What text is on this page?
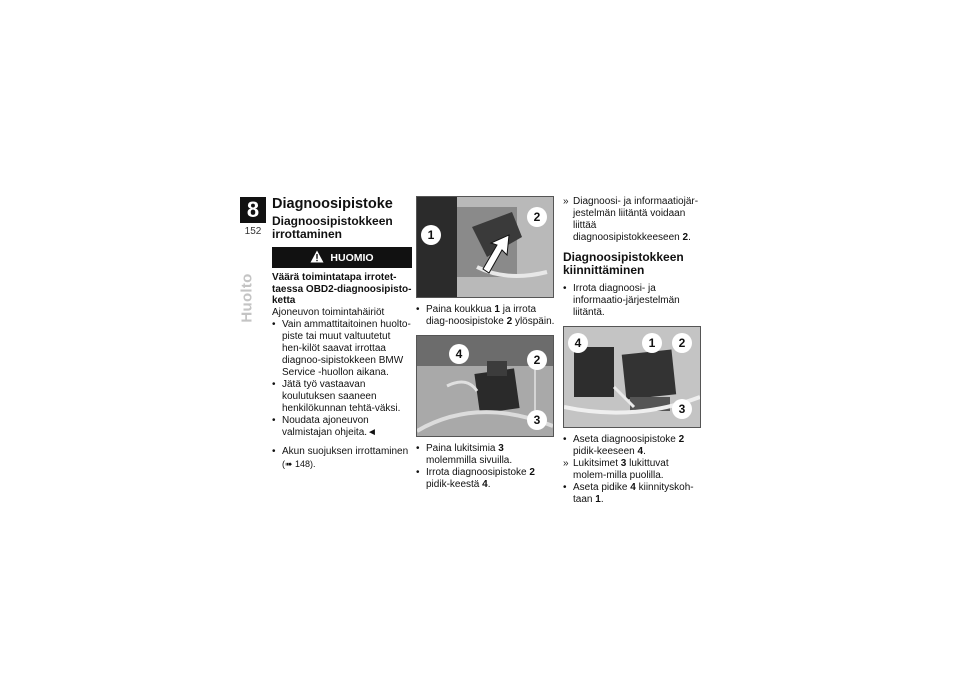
8
152
Huolto
Diagnoosipistoke
Diagnoosipistokkeen irrottaminen
HUOMIO
Väärä toimintatapa irrotet-taessa OBD2-diagnoosipisto-ketta

Ajoneuvon toimintahäiriöt

• Vain ammattitaitoinen huolto-piste tai muut valtuutetut hen-kilöt saavat irrottaa diagnoo-sipistokkeen BMW Service -huollon aikana.
• Jätä työ vastaavan koulutuksen saaneen henkilökunnan tehtä-väksi.
• Noudata ajoneuvon valmistajan ohjeita.◄
• Akun suojuksen irrottaminen
(➠ 148).
2
1
• Paina koukkua 1 ja irrota diag-noosipistoke 2 ylöspäin.
4	2
3
• Paina lukitsimia 3 molemmilla sivuilla.
• Irrota diagnoosipistoke 2 pidik-keestä 4.
» Diagnoosi- ja informaatiojär-jestelmän liitäntä voidaan liittää diagnoosipistokkeeseen 2.
Diagnoosipistokkeen kiinnittäminen
• Irrota diagnoosi- ja informaatio-järjestelmän liitäntä.
4	1	2
3
• Aseta diagnoosipistoke 2 pidik-keeseen 4.
» Lukitsimet 3 lukittuvat molem-milla puolilla.
• Aseta pidike 4 kiinnityskoh-taan 1.
